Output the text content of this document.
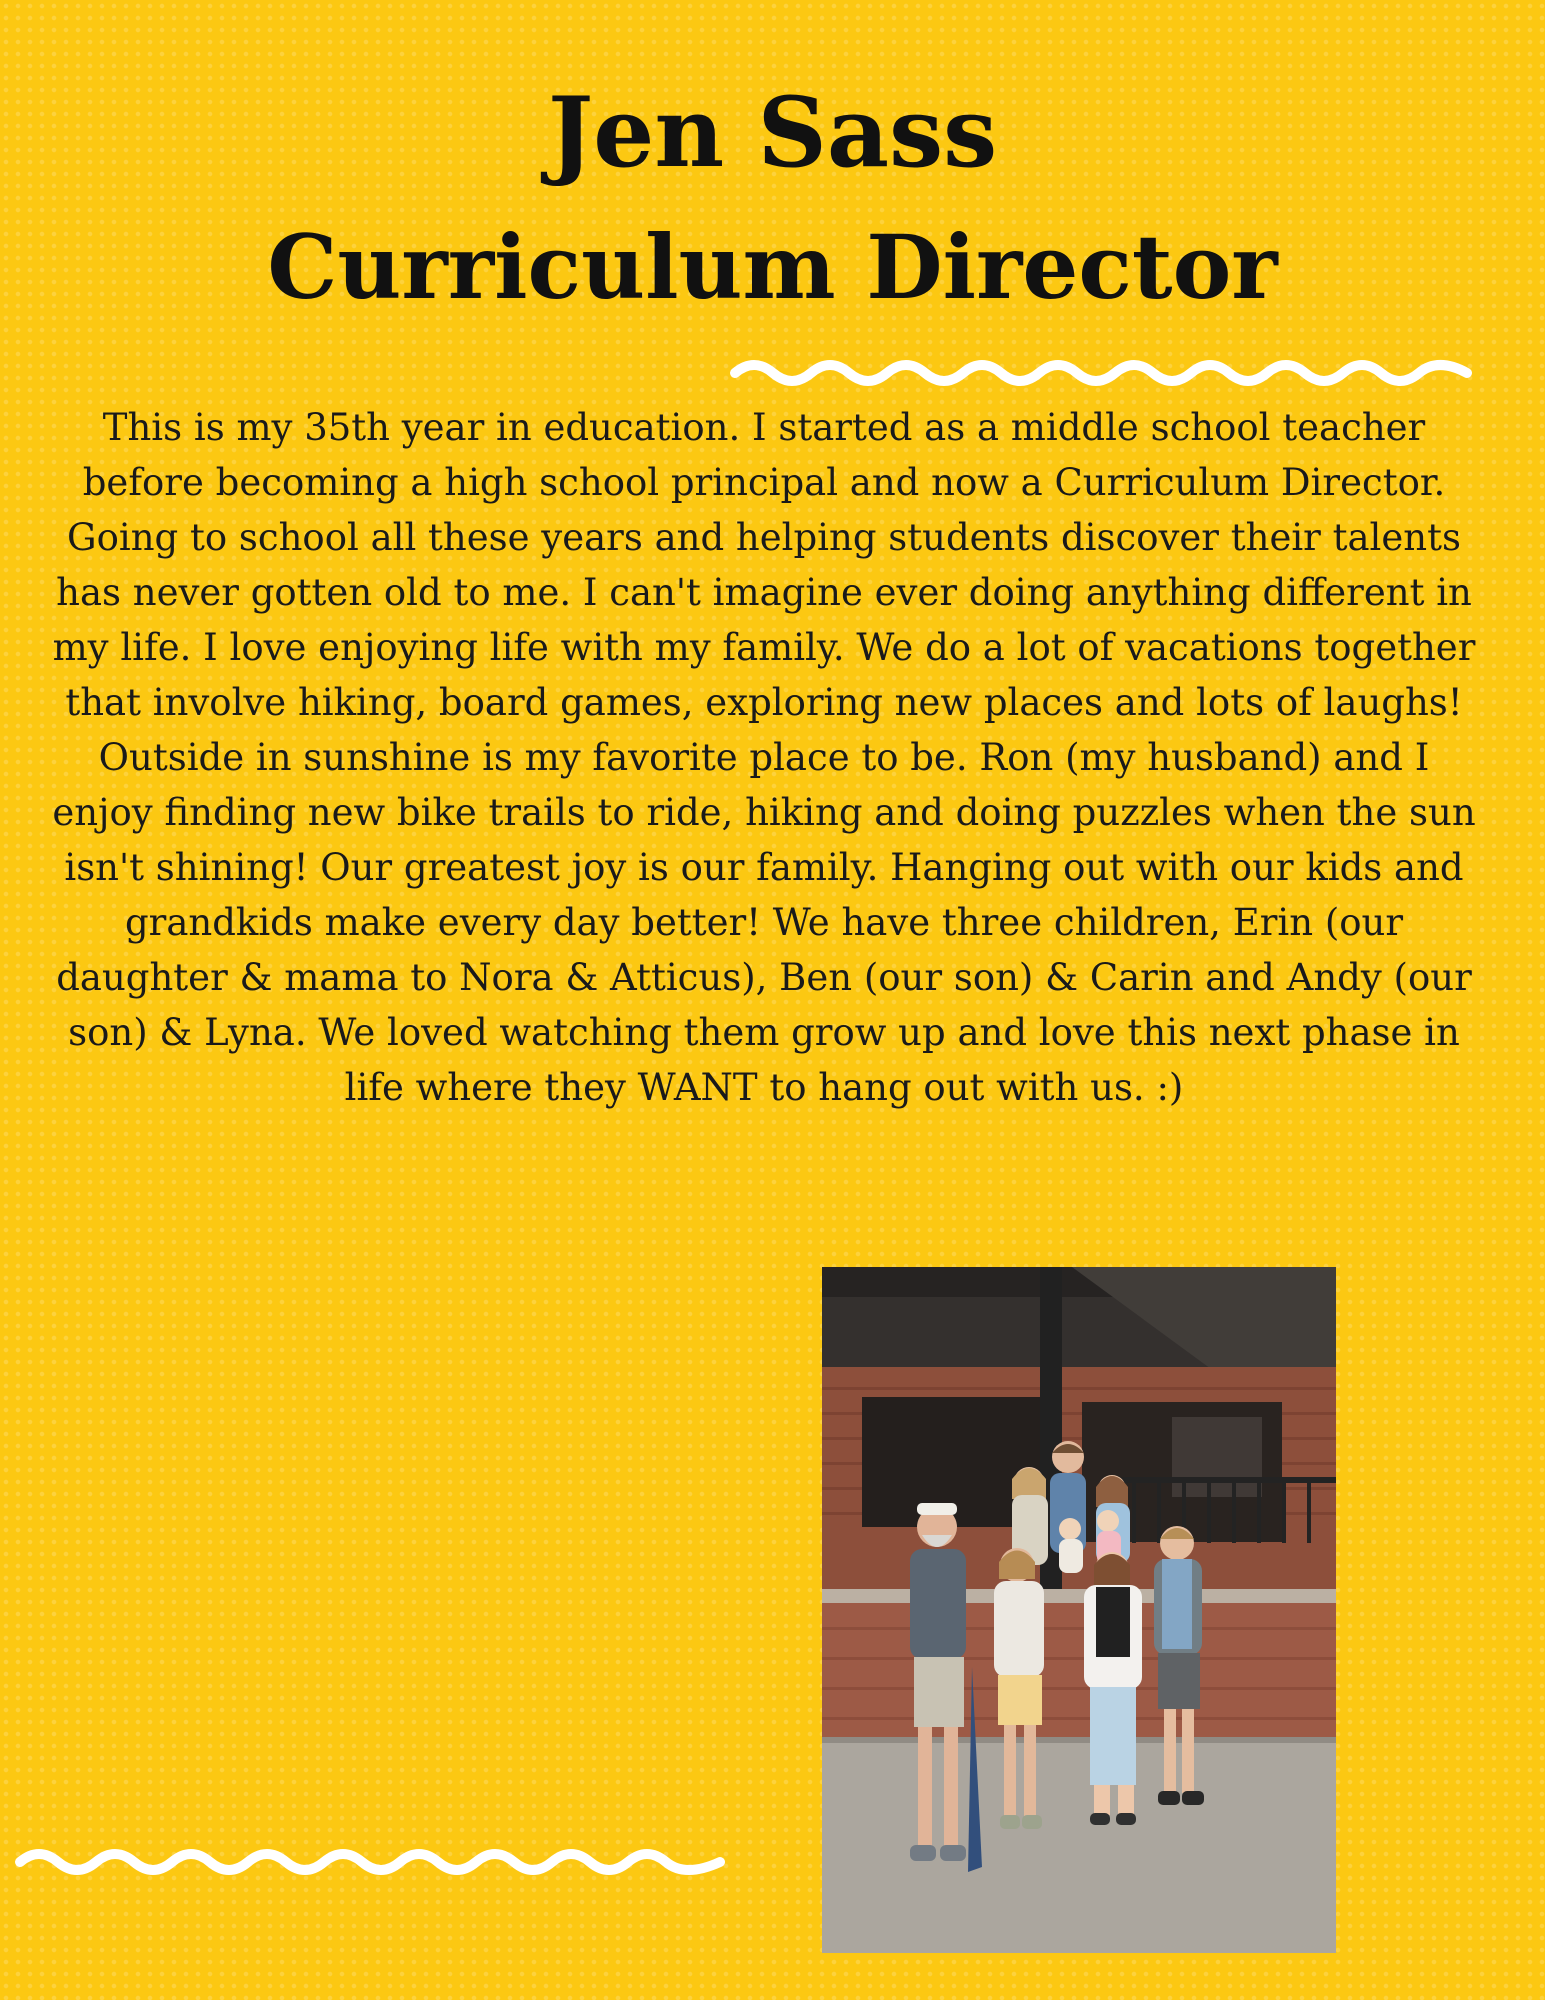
Jen Sass
Curriculum Director

This is my 35th year in education. I started as a middle school teacher before becoming a high school principal and now a Curriculum Director. Going to school all these years and helping students discover their talents has never gotten old to me. I can't imagine ever doing anything different in my life. I love enjoying life with my family. We do a lot of vacations together that involve hiking, board games, exploring new places and lots of laughs! Outside in sunshine is my favorite place to be. Ron (my husband) and I enjoy finding new bike trails to ride, hiking and doing puzzles when the sun isn't shining! Our greatest joy is our family. Hanging out with our kids and grandkids make every day better! We have three children, Erin (our daughter & mama to Nora & Atticus), Ben (our son) & Carin and Andy (our son) & Lyna. We loved watching them grow up and love this next phase in life where they WANT to hang out with us. :)
